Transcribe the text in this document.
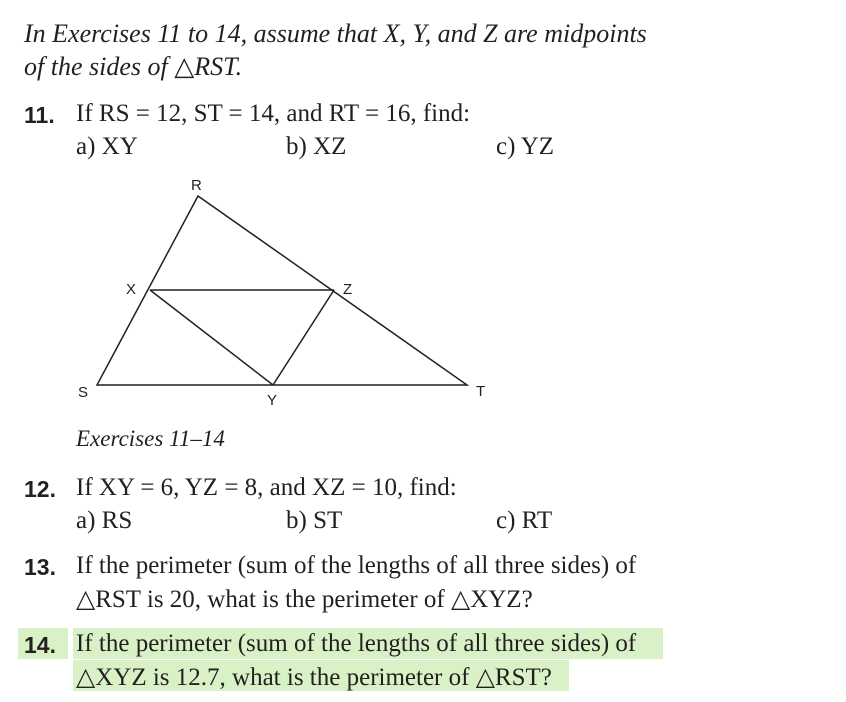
In Exercises 11 to 14, assume that X, Y, and Z are midpoints
of the sides of △RST.
11. If RS = 12, ST = 14, and RT = 16, find:
a) XY	b) XZ	c) YZ
R
S	T
X
Y
Z
Exercises 11–14
12. If XY = 6, YZ = 8, and XZ = 10, find:
a) RS	b) ST	c) RT
13. If the perimeter (sum of the lengths of all three sides) of
△RST is 20, what is the perimeter of △XYZ?
14. If the perimeter (sum of the lengths of all three sides) of
△XYZ is 12.7, what is the perimeter of △RST?
